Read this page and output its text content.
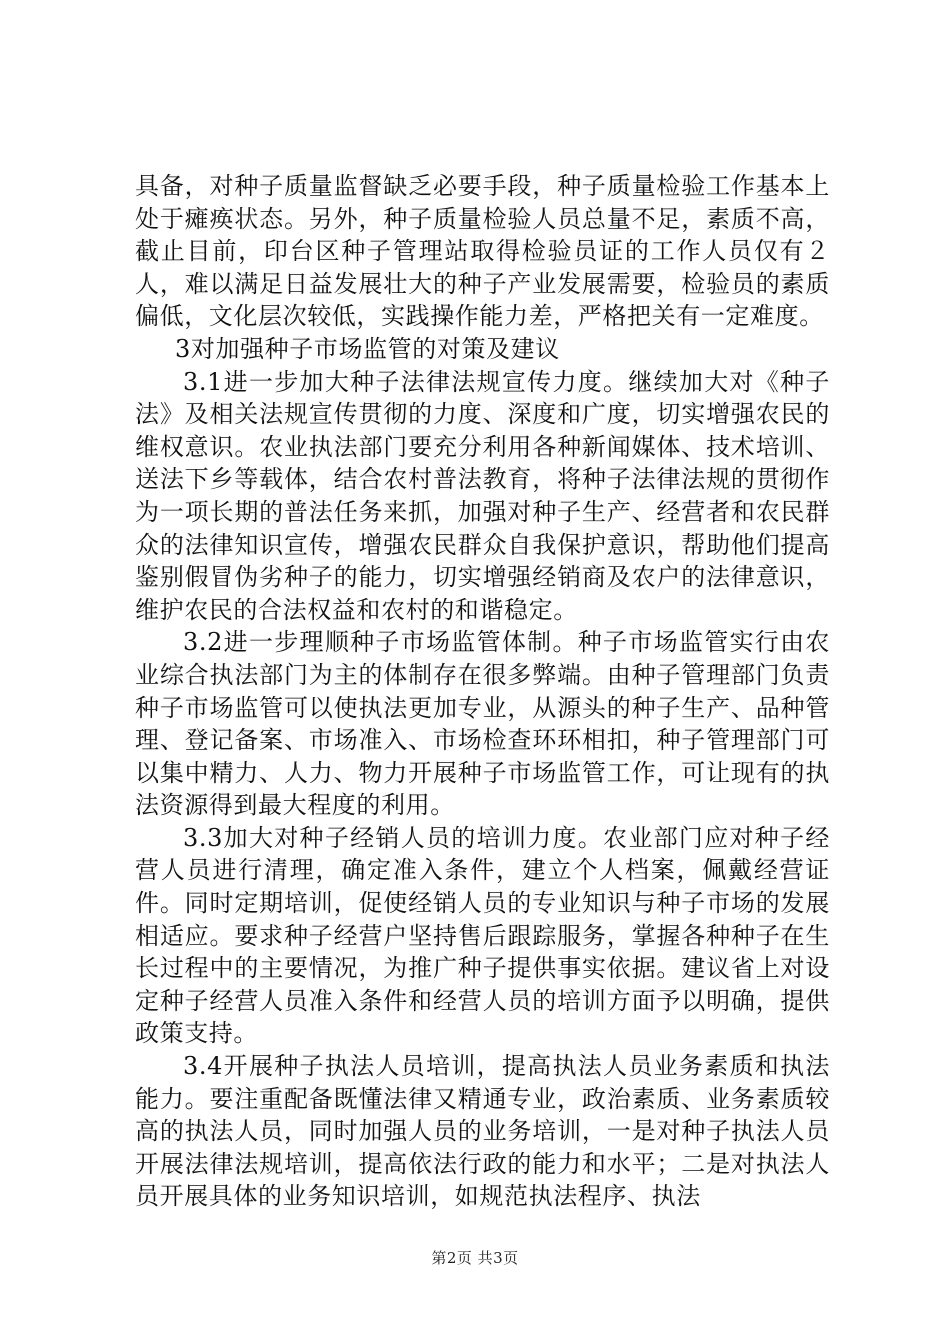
具备，对种子质量监督缺乏必要手段，种子质量检验工作基本上处于瘫痪状态。另外，种子质量检验人员总量不足，素质不高，截止目前，印台区种子管理站取得检验员证的工作人员仅有２人，难以满足日益发展壮大的种子产业发展需要，检验员的素质偏低，文化层次较低，实践操作能力差，严格把关有一定难度。

3对加强种子市场监管的对策及建议

3.1进一步加大种子法律法规宣传力度。继续加大对《种子法》及相关法规宣传贯彻的力度、深度和广度，切实增强农民的维权意识。农业执法部门要充分利用各种新闻媒体、技术培训、送法下乡等载体，结合农村普法教育，将种子法律法规的贯彻作为一项长期的普法任务来抓，加强对种子生产、经营者和农民群众的法律知识宣传，增强农民群众自我保护意识，帮助他们提高鉴别假冒伪劣种子的能力，切实增强经销商及农户的法律意识，维护农民的合法权益和农村的和谐稳定。

3.2进一步理顺种子市场监管体制。种子市场监管实行由农业综合执法部门为主的体制存在很多弊端。由种子管理部门负责种子市场监管可以使执法更加专业，从源头的种子生产、品种管理、登记备案、市场准入、市场检查环环相扣，种子管理部门可以集中精力、人力、物力开展种子市场监管工作，可让现有的执法资源得到最大程度的利用。

3.3加大对种子经销人员的培训力度。农业部门应对种子经营人员进行清理，确定准入条件，建立个人档案，佩戴经营证件。同时定期培训，促使经销人员的专业知识与种子市场的发展相适应。要求种子经营户坚持售后跟踪服务，掌握各种种子在生长过程中的主要情况，为推广种子提供事实依据。建议省上对设定种子经营人员准入条件和经营人员的培训方面予以明确，提供政策支持。

3.4开展种子执法人员培训，提高执法人员业务素质和执法能力。要注重配备既懂法律又精通专业，政治素质、业务素质较高的执法人员，同时加强人员的业务培训，一是对种子执法人员开展法律法规培训，提高依法行政的能力和水平；二是对执法人员开展具体的业务知识培训，如规范执法程序、执法

第2页 共3页
